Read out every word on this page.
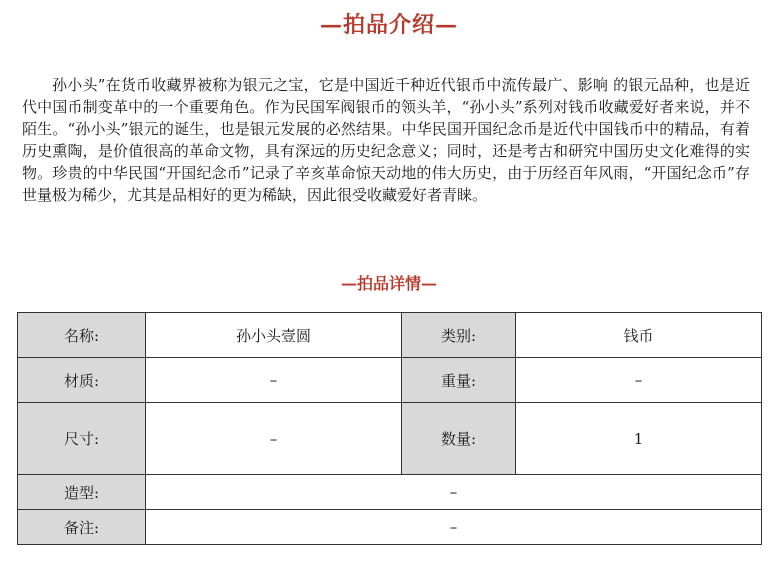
—拍品介绍—

孙小头”在货币收藏界被称为银元之宝，它是中国近千种近代银币中流传最广、影响 的银元品种，也是近代中国币制变革中的一个重要角色。作为民国军阀银币的领头羊，“孙小头”系列对钱币收藏爱好者来说，并不陌生。“孙小头”银元的诞生，也是银元发展的必然结果。中华民国开国纪念币是近代中国钱币中的精品，有着历史熏陶，是价值很高的革命文物，具有深远的历史纪念意义；同时，还是考古和研究中国历史文化难得的实物。珍贵的中华民国“开国纪念币”记录了辛亥革命惊天动地的伟大历史，由于历经百年风雨，“开国纪念币”存世量极为稀少，尤其是品相好的更为稀缺，因此很受收藏爱好者青睐。

—拍品详情—
名称:	孙小头壹圆	类别:	钱币
材质:	–	重量:	–
尺寸:	–	数量:	1
造型:	–		
备注:	–		
